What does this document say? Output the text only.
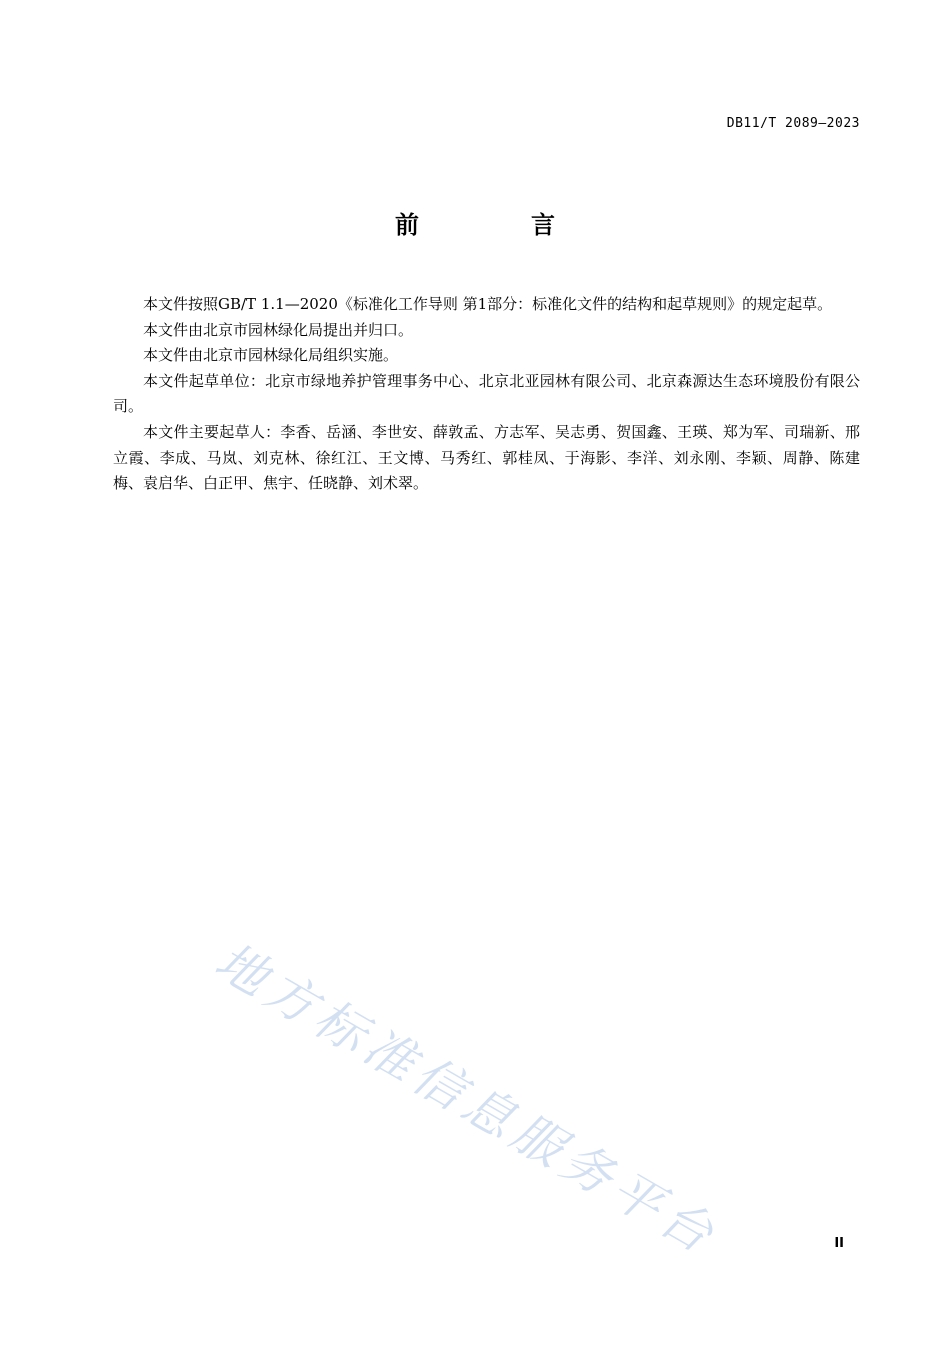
DB11/T 2089—2023
前　言

本文件按照GB/T 1.1—2020《标准化工作导则 第1部分：标准化文件的结构和起草规则》的规定起草。

本文件由北京市园林绿化局提出并归口。

本文件由北京市园林绿化局组织实施。

本文件起草单位：北京市绿地养护管理事务中心、北京北亚园林有限公司、北京森源达生态环境股份有限公司。

本文件主要起草人：李香、岳涵、李世安、薛敦孟、方志军、吴志勇、贺国鑫、王瑛、郑为军、司瑞新、邢立霞、李成、马岚、刘克林、徐红江、王文博、马秀红、郭桂凤、于海影、李洋、刘永刚、李颖、周静、陈建梅、袁启华、白正甲、焦宇、任晓静、刘术翠。

地方标准信息服务平台	II
